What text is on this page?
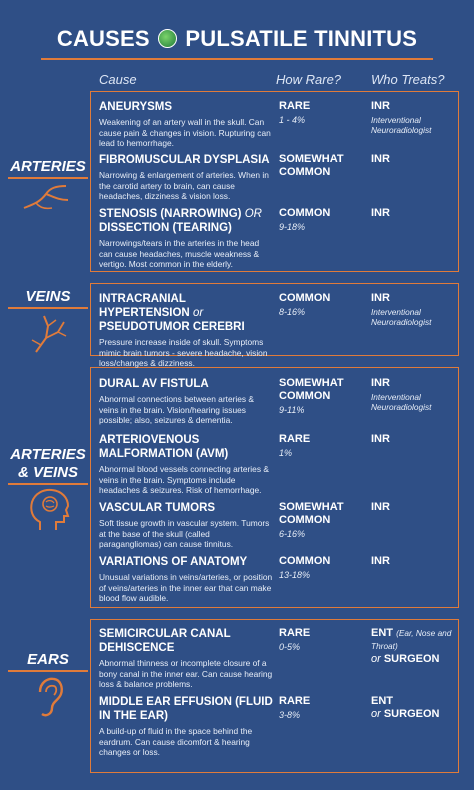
CAUSES PULSATILE TINNITUS
Cause	How Rare? Who Treats?
ARTERIES
VEINS
ARTERIES
& VEINS
EARS
ANEURYSMS
Weakening of an artery wall in the skull. Can cause pain & changes in vision. Rupturing can lead to hemorrhage.
RARE
1 - 4%
INR
Interventional Neuroradiologist
FIBROMUSCULAR DYSPLASIA
Narrowing & enlargement of arteries. When in the carotid artery to brain, can cause headaches, dizziness & vision loss.
SOMEWHAT COMMON
INR
STENOSIS (NARROWING) OR DISSECTION (TEARING)
Narrowings/tears in the arteries in the head can cause headaches, muscle weakness & vertigo. Most common in the elderly.
COMMON
9-18%
INR
INTRACRANIAL HYPERTENSION or PSEUDOTUMOR CEREBRI
Pressure increase inside of skull. Symptoms mimic brain tumors - severe headache, vision loss/changes & dizziness.
COMMON
8-16%
INR
Interventional Neuroradiologist
DURAL AV FISTULA
Abnormal connections between arteries & veins in the brain. Vision/hearing issues possible; also, seizures & dementia.
SOMEWHAT COMMON
9-11%
INR
Interventional Neuroradiologist
ARTERIOVENOUS MALFORMATION (AVM)
Abnormal blood vessels connecting arteries & veins in the brain. Symptoms include headaches & seizures. Risk of hemorrhage.
RARE
1%
INR
VASCULAR TUMORS
Soft tissue growth in vascular system. Tumors at the base of the skull (called paragangliomas) can cause tinnitus.
SOMEWHAT COMMON
6-16%
INR
VARIATIONS OF ANATOMY
Unusual variations in veins/arteries, or position of veins/arteries in the inner ear that can make blood flow audible.
COMMON
13-18%
INR
SEMICIRCULAR CANAL DEHISCENCE
Abnormal thinness or incomplete closure of a bony canal in the inner ear. Can cause hearing loss & balance problems.
RARE
0-5%
ENT (Ear, Nose and Throat)
or SURGEON
MIDDLE EAR EFFUSION (FLUID IN THE EAR)
A build-up of fluid in the space behind the eardrum. Can cause dicomfort & hearing changes or loss.
RARE
3-8%
ENT
or SURGEON
